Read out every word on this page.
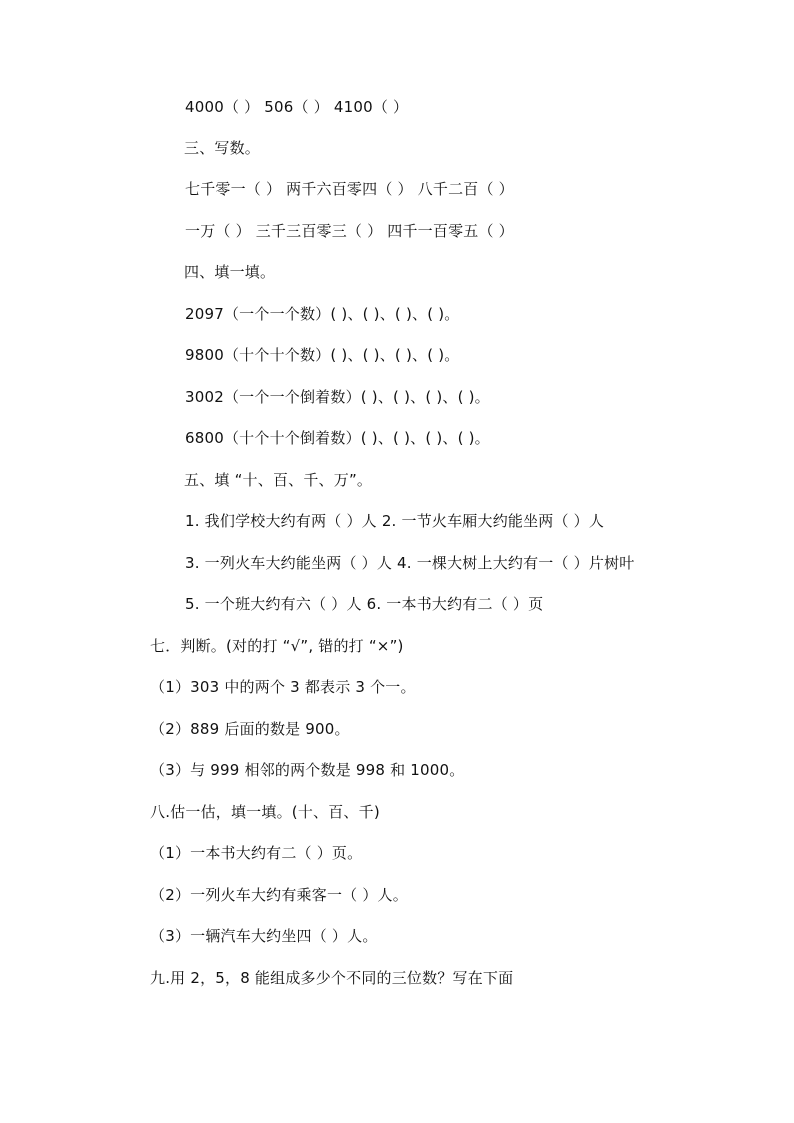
4000（ ） 506（ ） 4100（ ）
三、写数。
七千零一（ ） 两千六百零四（ ） 八千二百（ ）
一万（ ） 三千三百零三（ ） 四千一百零五（ ）
四、填一填。
2097（一个一个数）( )、( )、( )、( )。
9800（十个十个数）( )、( )、( )、( )。
3002（一个一个倒着数）( )、( )、( )、( )。
6800（十个十个倒着数）( )、( )、( )、( )。
五、填 “十、百、千、万”。
1. 我们学校大约有两（ ）人 2. 一节火车厢大约能坐两（ ）人
3. 一列火车大约能坐两（ ）人 4. 一棵大树上大约有一（ ）片树叶
5. 一个班大约有六（ ）人 6. 一本书大约有二（ ）页
七．判断。(对的打 “√”, 错的打 “×”)
（1）303 中的两个 3 都表示 3 个一。
（2）889 后面的数是 900。
（3）与 999 相邻的两个数是 998 和 1000。
八.估一估，填一填。(十、百、千)
（1）一本书大约有二（ ）页。
（2）一列火车大约有乘客一（ ）人。
（3）一辆汽车大约坐四（ ）人。
九.用 2，5，8 能组成多少个不同的三位数？写在下面
